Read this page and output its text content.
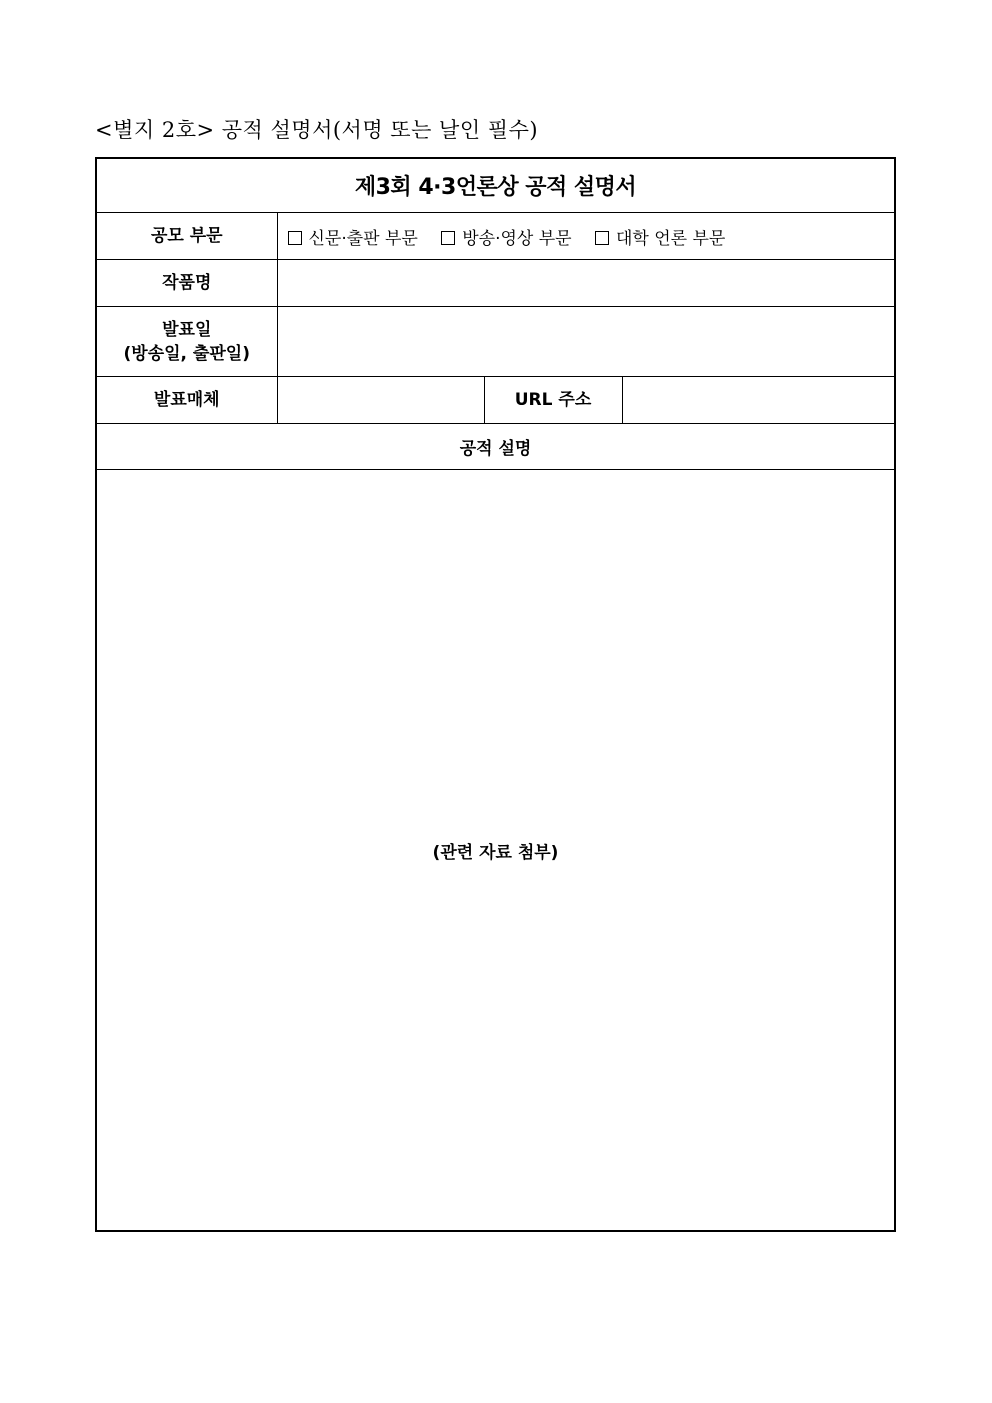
<별지 2호> 공적 설명서(서명 또는 날인 필수)
제3회 4·3언론상 공적 설명서			
공모 부문	신문·출판 부문 방송·영상 부문 대학 언론 부문		
작품명			

발표일
(방송일, 출판일)			

발표매체		URL 주소	
공적 설명			
(관련 자료 첨부)			
